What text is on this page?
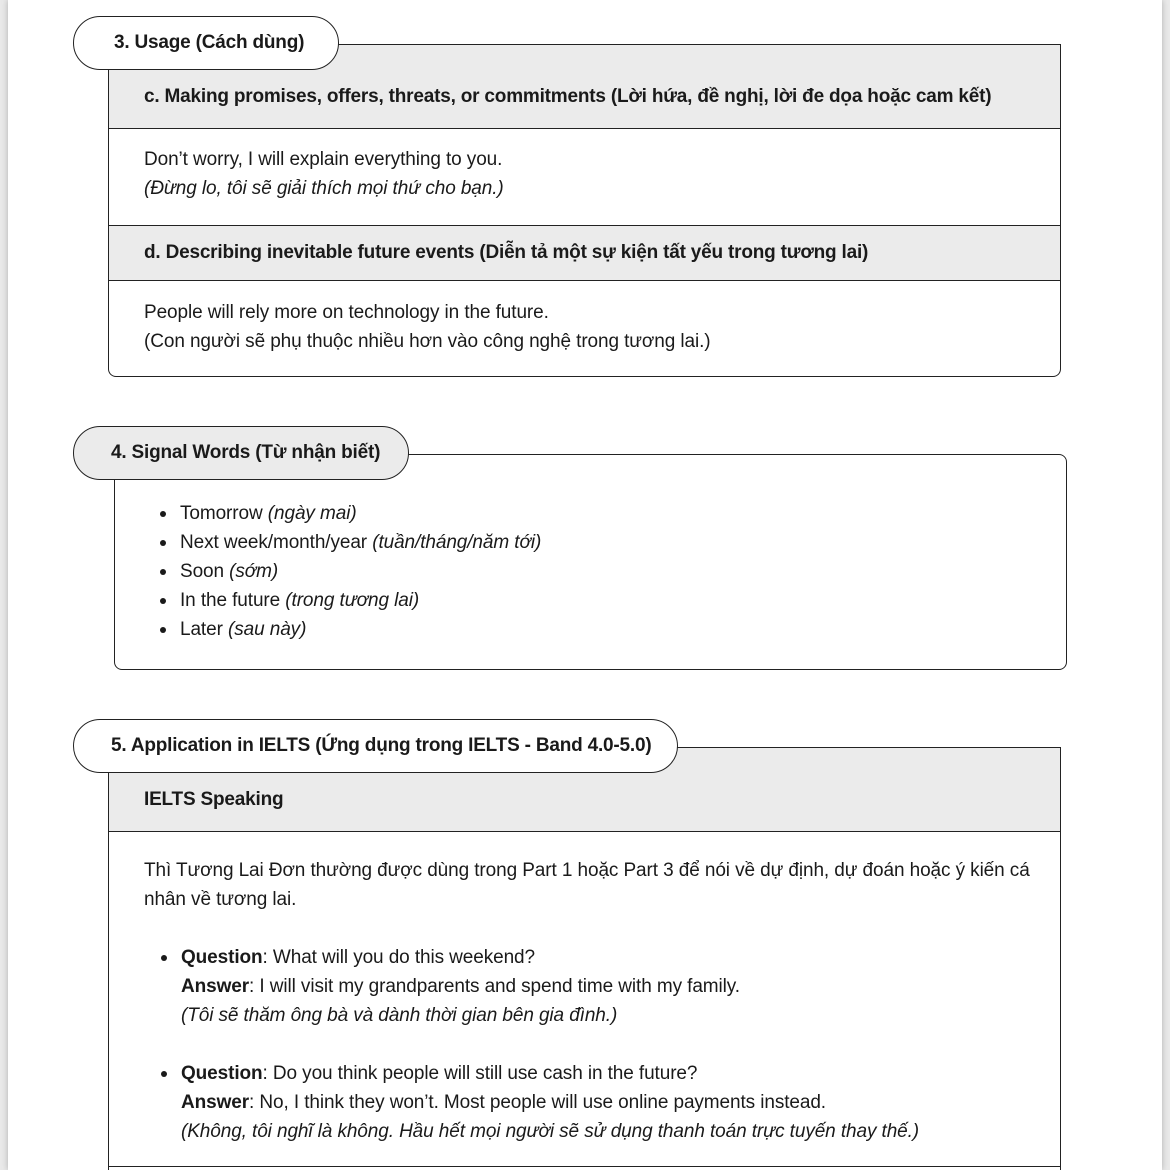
3. Usage (Cách dùng)
c. Making promises, offers, threats, or commitments (Lời hứa, đề nghị, lời đe dọa hoặc cam kết)
Don’t worry, I will explain everything to you.
(Đừng lo, tôi sẽ giải thích mọi thứ cho bạn.)
d. Describing inevitable future events (Diễn tả một sự kiện tất yếu trong tương lai)
People will rely more on technology in the future.
(Con người sẽ phụ thuộc nhiều hơn vào công nghệ trong tương lai.)
4. Signal Words (Từ nhận biết)
Tomorrow (ngày mai)
Next week/month/year (tuần/tháng/năm tới)
Soon (sớm)
In the future (trong tương lai)
Later (sau này)
5. Application in IELTS (Ứng dụng trong IELTS - Band 4.0-5.0)
IELTS Speaking
Thì Tương Lai Đơn thường được dùng trong Part 1 hoặc Part 3 để nói về dự định, dự đoán hoặc ý kiến cá nhân về tương lai.
Question: What will you do this weekend?
Answer: I will visit my grandparents and spend time with my family.
(Tôi sẽ thăm ông bà và dành thời gian bên gia đình.)
Question: Do you think people will still use cash in the future?
Answer: No, I think they won’t. Most people will use online payments instead.
(Không, tôi nghĩ là không. Hầu hết mọi người sẽ sử dụng thanh toán trực tuyến thay thế.)
